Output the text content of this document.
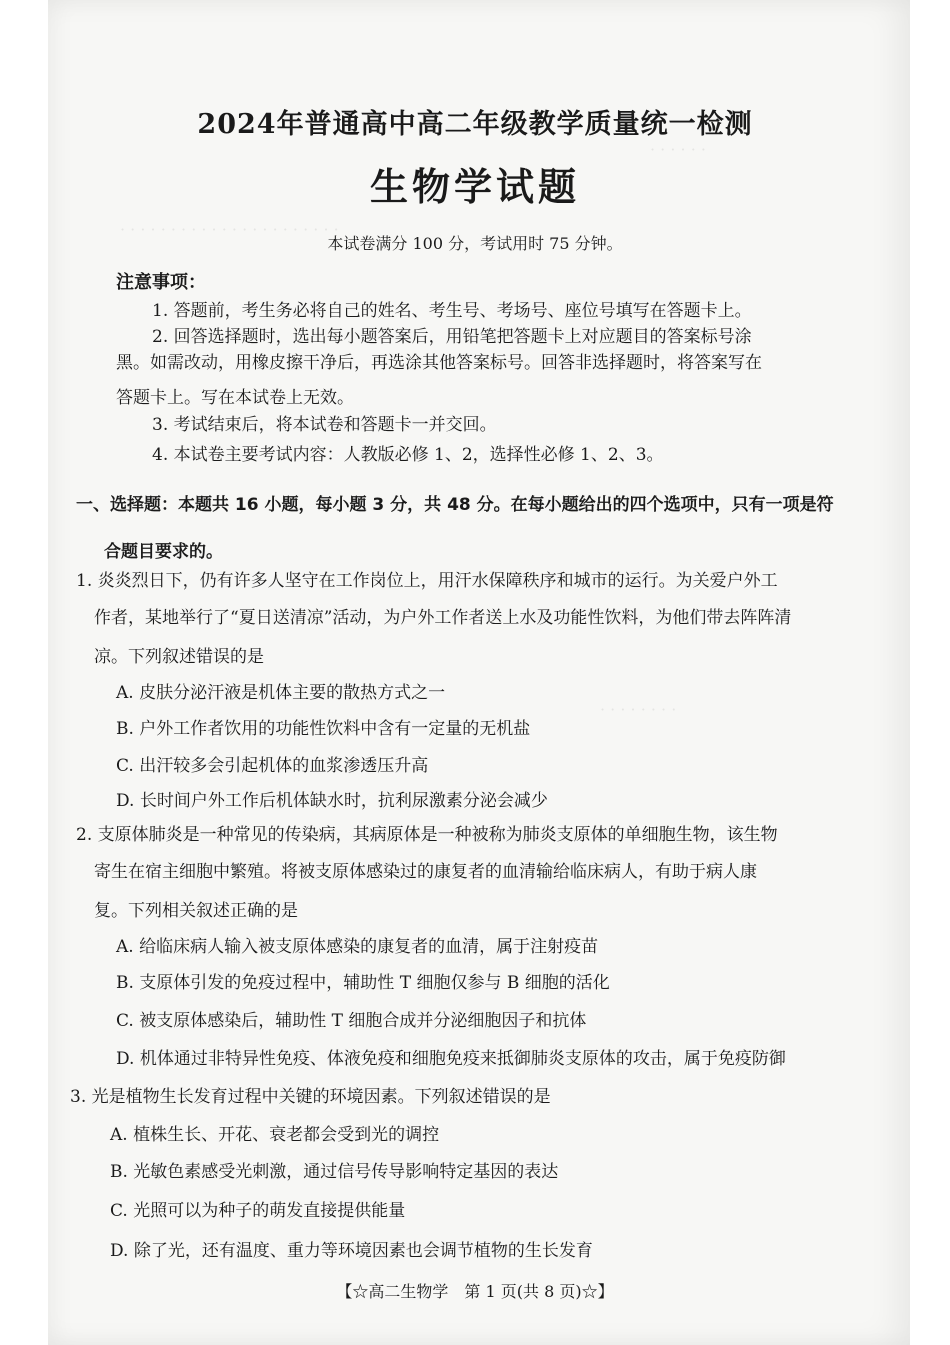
· · · · · ·
· · · · · · · · · · · · · · · · · · · · · ·
· · · · · · · ·
2024年普通高中高二年级教学质量统一检测
生物学试题
本试卷满分 100 分，考试用时 75 分钟。
注意事项：
1. 答题前，考生务必将自己的姓名、考生号、考场号、座位号填写在答题卡上。
2. 回答选择题时，选出每小题答案后，用铅笔把答题卡上对应题目的答案标号涂
黑。如需改动，用橡皮擦干净后，再选涂其他答案标号。回答非选择题时，将答案写在
答题卡上。写在本试卷上无效。
3. 考试结束后，将本试卷和答题卡一并交回。
4. 本试卷主要考试内容：人教版必修 1、2，选择性必修 1、2、3。
一、选择题：本题共 16 小题，每小题 3 分，共 48 分。在每小题给出的四个选项中，只有一项是符
合题目要求的。
1. 炎炎烈日下，仍有许多人坚守在工作岗位上，用汗水保障秩序和城市的运行。为关爱户外工
作者，某地举行了“夏日送清凉”活动，为户外工作者送上水及功能性饮料，为他们带去阵阵清
凉。下列叙述错误的是
A. 皮肤分泌汗液是机体主要的散热方式之一
B. 户外工作者饮用的功能性饮料中含有一定量的无机盐
C. 出汗较多会引起机体的血浆渗透压升高
D. 长时间户外工作后机体缺水时，抗利尿激素分泌会减少
2. 支原体肺炎是一种常见的传染病，其病原体是一种被称为肺炎支原体的单细胞生物，该生物
寄生在宿主细胞中繁殖。将被支原体感染过的康复者的血清输给临床病人，有助于病人康
复。下列相关叙述正确的是
A. 给临床病人输入被支原体感染的康复者的血清，属于注射疫苗
B. 支原体引发的免疫过程中，辅助性 T 细胞仅参与 B 细胞的活化
C. 被支原体感染后，辅助性 T 细胞合成并分泌细胞因子和抗体
D. 机体通过非特异性免疫、体液免疫和细胞免疫来抵御肺炎支原体的攻击，属于免疫防御
3. 光是植物生长发育过程中关键的环境因素。下列叙述错误的是
A. 植株生长、开花、衰老都会受到光的调控
B. 光敏色素感受光刺激，通过信号传导影响特定基因的表达
C. 光照可以为种子的萌发直接提供能量
D. 除了光，还有温度、重力等环境因素也会调节植物的生长发育
【☆高二生物学　第 1 页(共 8 页)☆】
